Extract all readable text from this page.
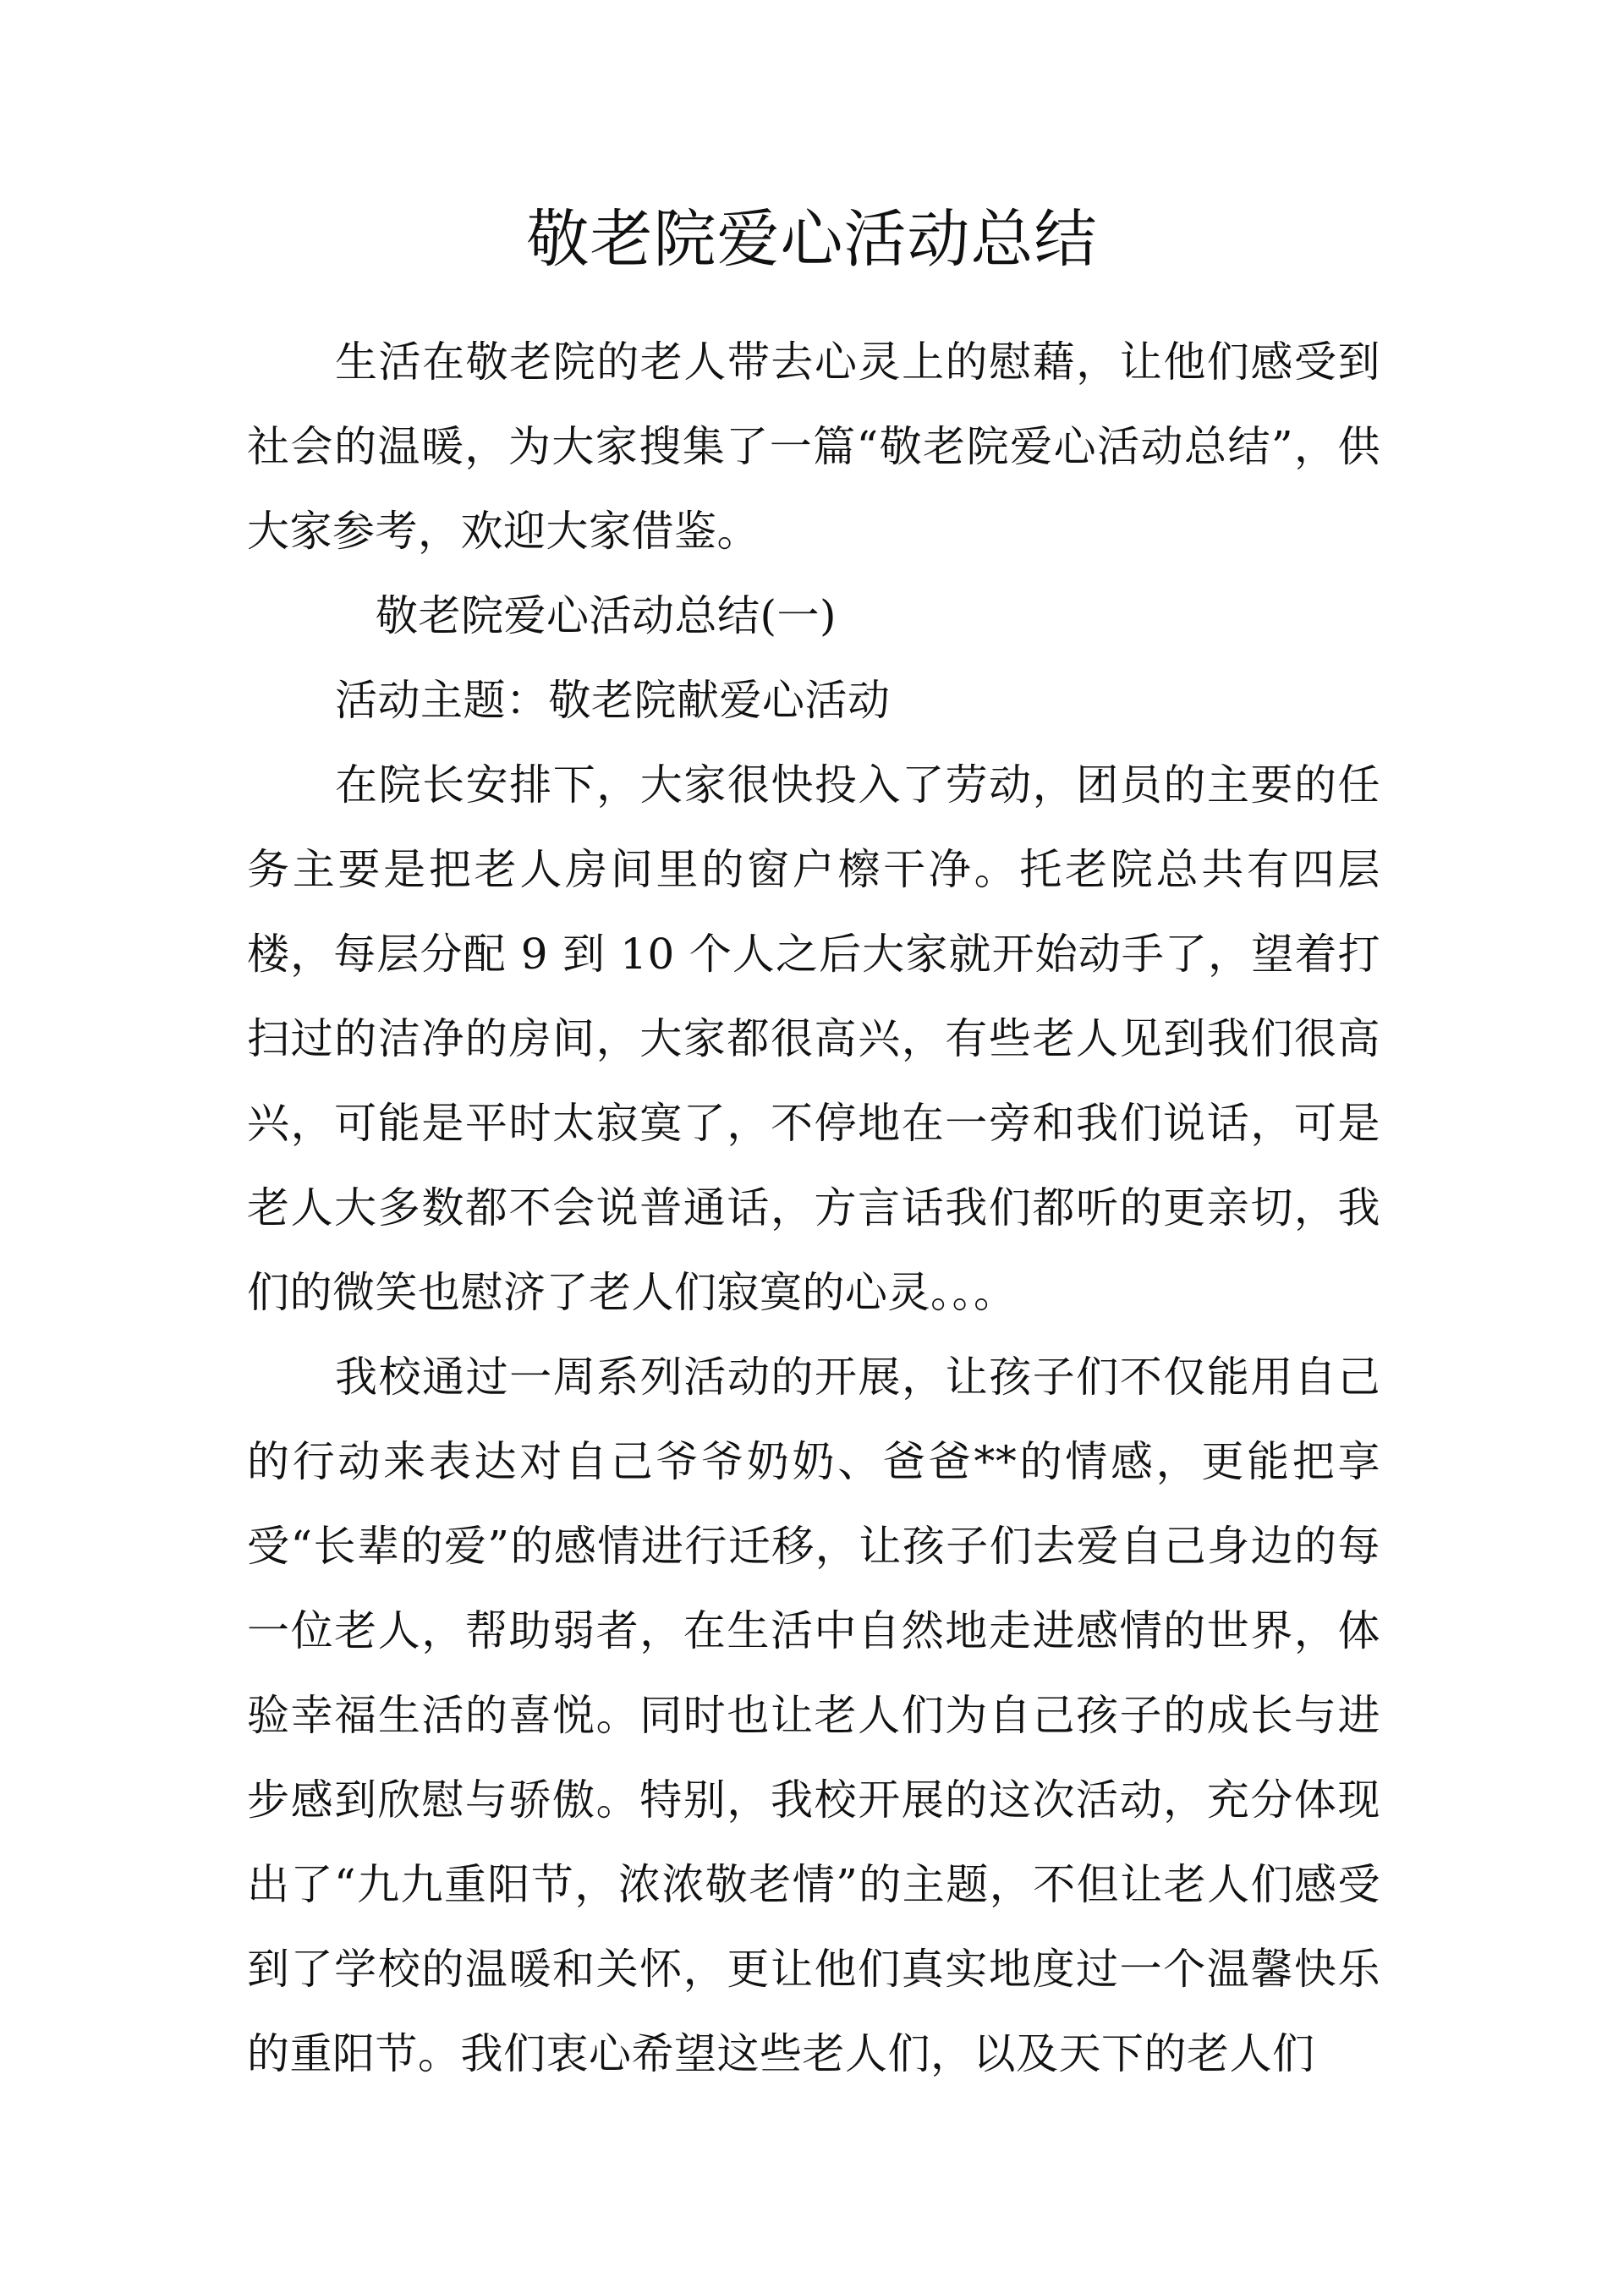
敬老院爱心活动总结

生活在敬老院的老人带去心灵上的慰藉，让他们感受到社会的温暖，为大家搜集了一篇“敬老院爱心活动总结”，供大家参考，欢迎大家借鉴。

敬老院爱心活动总结(一)

活动主题：敬老院献爱心活动

在院长安排下，大家很快投入了劳动，团员的主要的任务主要是把老人房间里的窗户檫干净。托老院总共有四层楼，每层分配 9 到 10 个人之后大家就开始动手了，望着打扫过的洁净的房间，大家都很高兴，有些老人见到我们很高兴，可能是平时太寂寞了，不停地在一旁和我们说话，可是老人大多数都不会说普通话，方言话我们都听的更亲切，我们的微笑也慰济了老人们寂寞的心灵。。。

我校通过一周系列活动的开展，让孩子们不仅能用自己的行动来表达对自己爷爷奶奶、爸爸**的情感，更能把享受“长辈的爱”的感情进行迁移，让孩子们去爱自己身边的每一位老人，帮助弱者，在生活中自然地走进感情的世界，体验幸福生活的喜悦。同时也让老人们为自己孩子的成长与进步感到欣慰与骄傲。特别，我校开展的这次活动，充分体现出了“九九重阳节，浓浓敬老情”的主题，不但让老人们感受到了学校的温暖和关怀，更让他们真实地度过一个温馨快乐的重阳节。我们衷心希望这些老人们，以及天下的老人们
